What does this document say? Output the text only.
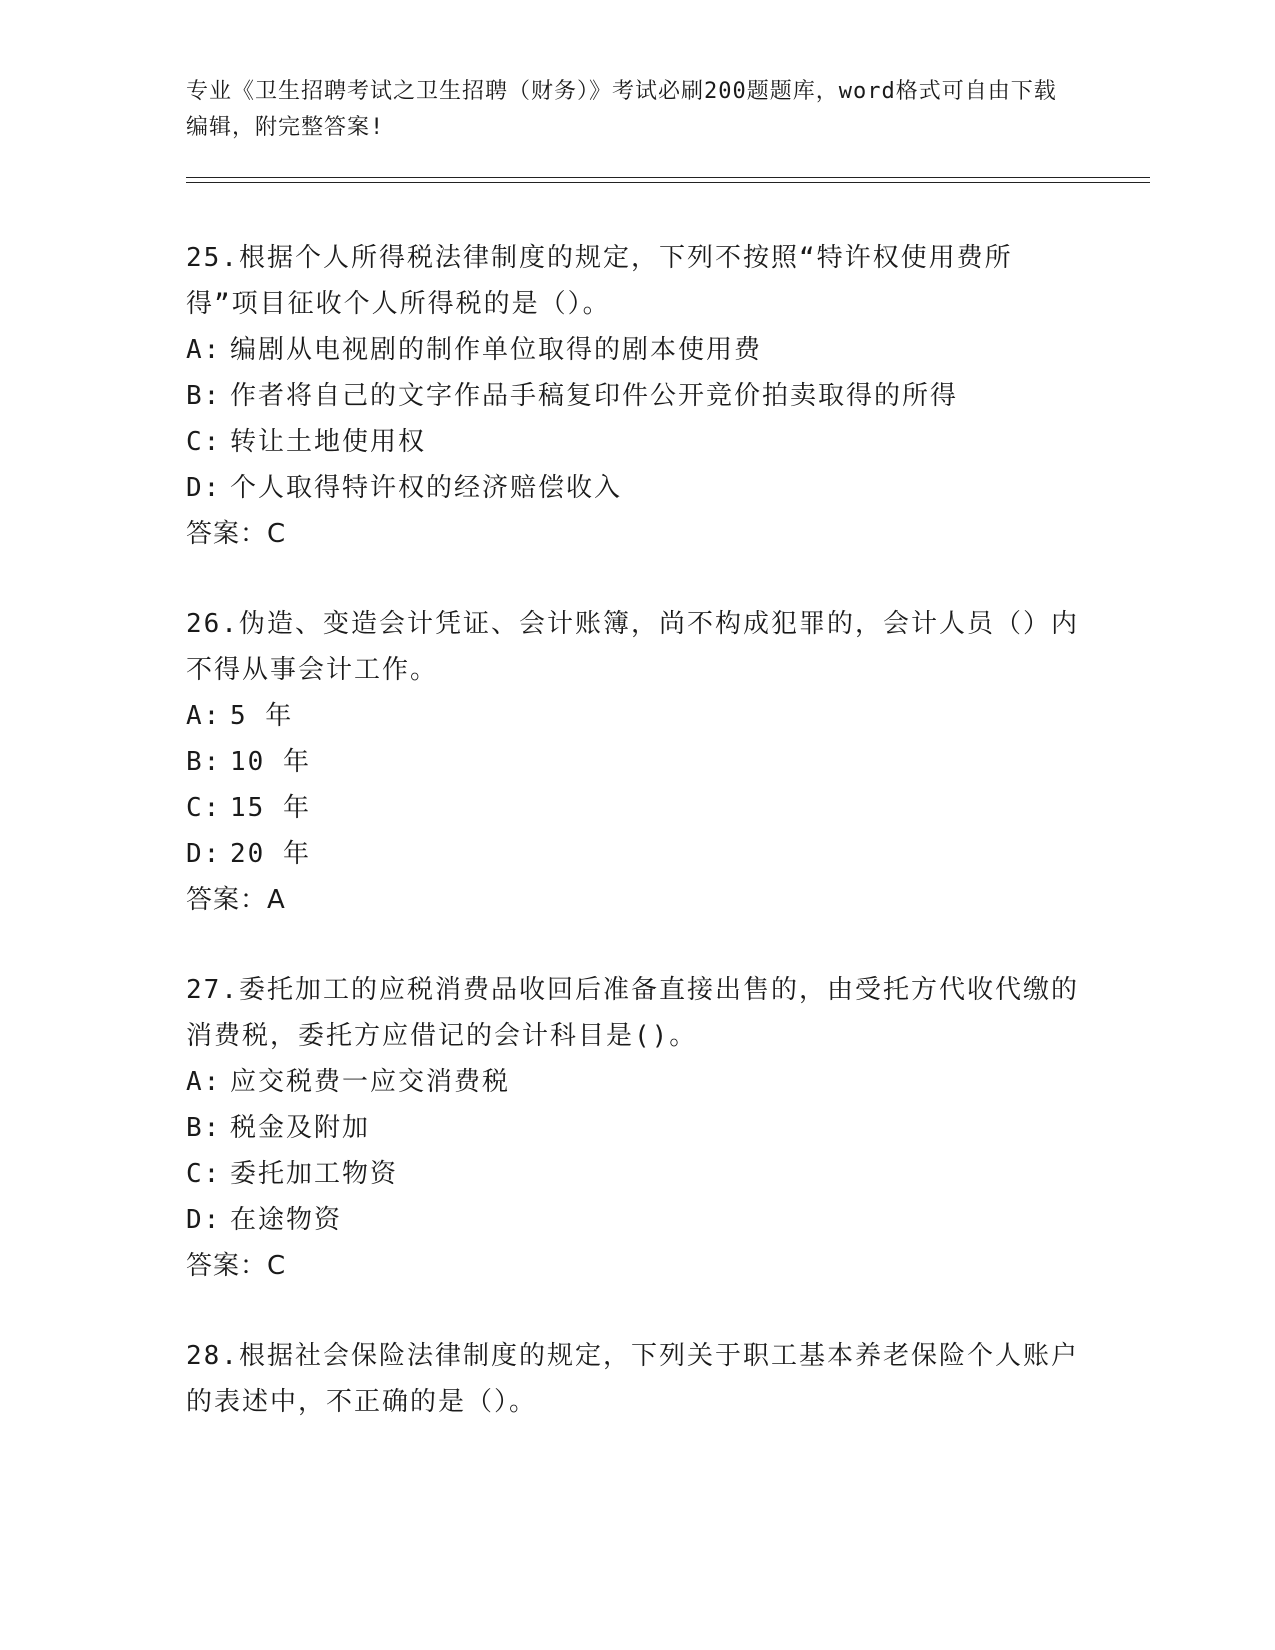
专业《卫生招聘考试之卫生招聘（财务）》考试必刷200题题库，word格式可自由下载编辑，附完整答案!

25.根据个人所得税法律制度的规定，下列不按照“特许权使用费所得”项目征收个人所得税的是（）。

A: 编剧从电视剧的制作单位取得的剧本使用费

B: 作者将自己的文字作品手稿复印件公开竞价拍卖取得的所得

C: 转让土地使用权

D: 个人取得特许权的经济赔偿收入

答案：C

26.伪造、变造会计凭证、会计账簿，尚不构成犯罪的，会计人员（）内不得从事会计工作。

A: 5 年

B: 10 年

C: 15 年

D: 20 年

答案：A

27.委托加工的应税消费品收回后准备直接出售的，由受托方代收代缴的消费税，委托方应借记的会计科目是()。

A: 应交税费一应交消费税

B: 税金及附加

C: 委托加工物资

D: 在途物资

答案：C

28.根据社会保险法律制度的规定，下列关于职工基本养老保险个人账户的表述中，不正确的是（）。
